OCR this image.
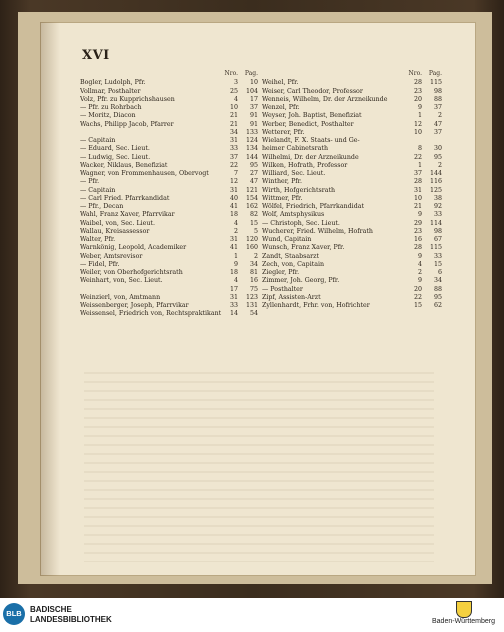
XVI
Nro.	Pag.
Bogler, Ludolph, Pfr.	3	10
Vollmar, Posthalter	25	104
Volz, Pfr. zu Kupprichshausen	4	17
— Pfr. zu Rohrbach	10	37
— Moritz, Diacon	21	91
Wachs, Philipp Jacob, Pfarrer	21	91
34	133
— Capitain	31	124
— Eduard, Sec. Lieut.	33	134
— Ludwig, Sec. Lieut.	37	144
Wacker, Niklaus, Benefiziat	22	95
Wagner, von Frommenhausen, Obervogt	7	27
— Pfr.	12	47
— Capitain	31	121
— Carl Fried. Pfarrkandidat	40	154
— Pfr., Decan	41	162
Wahl, Franz Xaver, Pfarrvikar	18	82
Waibel, von, Sec. Lieut.	4	15
Wallau, Kreisassessor	2	5
Walter, Pfr.	31	120
Warnkönig, Leopold, Academiker	41	160
Weber, Amtsrevisor	1	2
— Fidel, Pfr.	9	34
Weiler, von Oberhofgerichtsrath	18	81
Weinhart, von, Sec. Lieut.	4	16
17	75
Weinzierl, von, Amtmann	31	123
Weissenberger, Joseph, Pfarrvikar	33	131
Weissensel, Friedrich von, Rechtspraktikant	14	54
Nro.	Pag.
Weihel, Pfr.	28	115
Weiser, Carl Theodor, Professor	23	98
Wenneis, Wilhelm, Dr. der Arzneikunde	20	88
Wenzel, Pfr.	9	37
Weyser, Joh. Baptist, Benefiziat	1	2
Werber, Benedict, Posthalter	12	47
Wetterer, Pfr.	10	37
Wielandt, F. X. Staats- und Ge-
heimer Cabinetsrath	8	30
Wilhelmi, Dr. der Arzneikunde	22	95
Wilken, Hofrath, Professor	1	2
Williard, Sec. Lieut.	37	144
Winther, Pfr.	28	116
Wirth, Hofgerichtsrath	31	125
Wittmer, Pfr.	10	38
Wölfel, Friedrich, Pfarrkandidat	21	92
Wolf, Amtsphysikus	9	33
— Christoph, Sec. Lieut.	29	114
Wucherer, Fried. Wilhelm, Hofrath	23	98
Wund, Capitain	16	67
Wunsch, Franz Xaver, Pfr.	28	115
Zandt, Staabsarzt	9	33
Zech, von, Capitain	4	15
Ziegler, Pfr.	2	6
Zimmer, Joh. Georg, Pfr.	9	34
— Posthalter	20	88
Zipf, Assisten-Arzt	22	95
Zyllenhardt, Frhr. von, Hofrichter	15	62
BLB	BADISCHE
LANDESBIBLIOTHEK	Baden-Württemberg
